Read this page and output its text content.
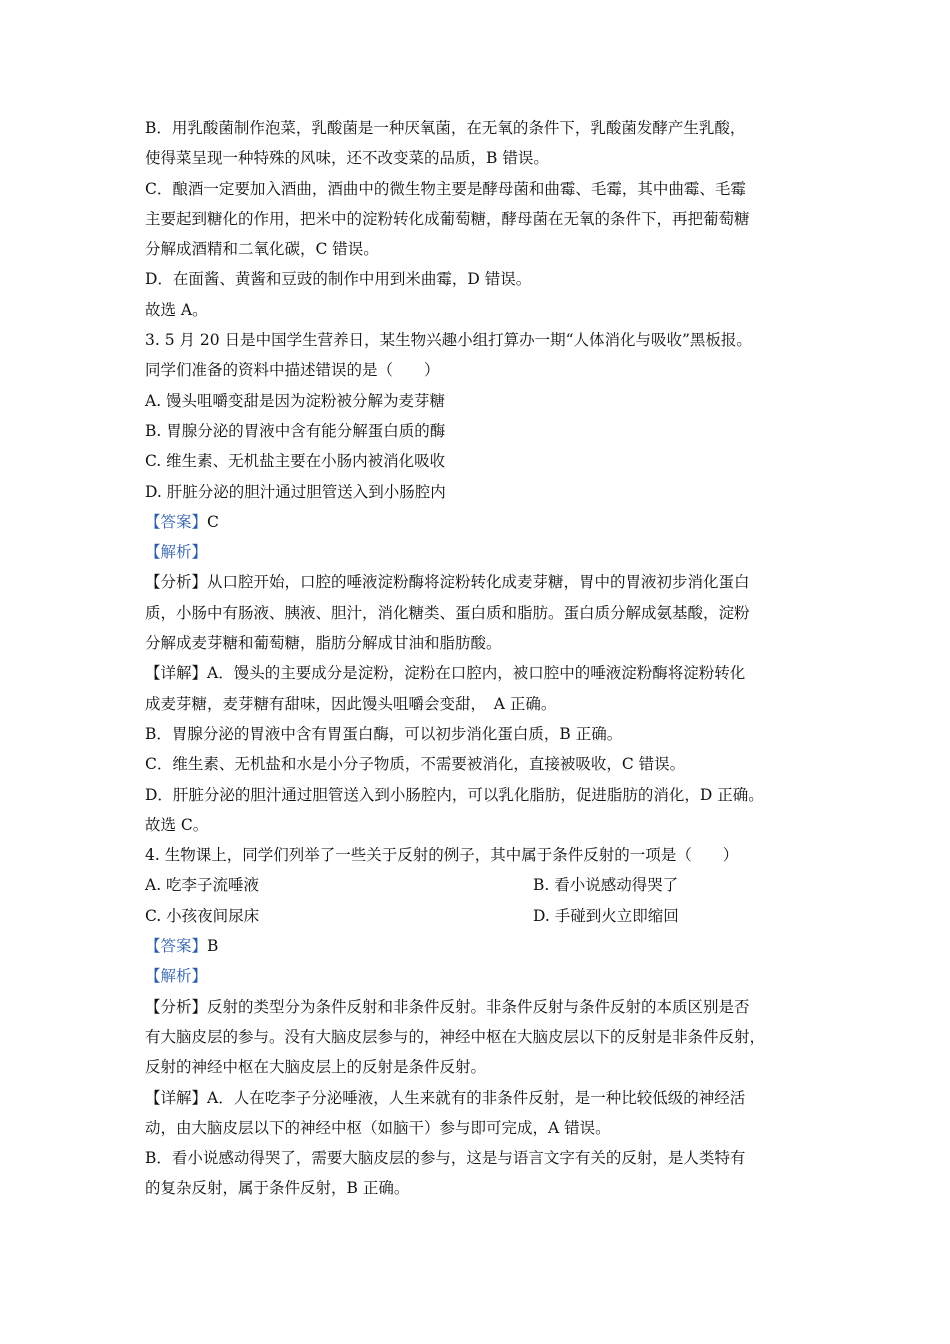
B．用乳酸菌制作泡菜，乳酸菌是一种厌氧菌，在无氧的条件下，乳酸菌发酵产生乳酸，
使得菜呈现一种特殊的风味，还不改变菜的品质，B 错误。
C．酿酒一定要加入酒曲，酒曲中的微生物主要是酵母菌和曲霉、毛霉，其中曲霉、毛霉
主要起到糖化的作用，把米中的淀粉转化成葡萄糖，酵母菌在无氧的条件下，再把葡萄糖
分解成酒精和二氧化碳，C 错误。
D．在面酱、黄酱和豆豉的制作中用到米曲霉，D 错误。
故选 A。
3. 5 月 20 日是中国学生营养日，某生物兴趣小组打算办一期“人体消化与吸收”黑板报。
同学们准备的资料中描述错误的是（　　）
A. 馒头咀嚼变甜是因为淀粉被分解为麦芽糖
B. 胃腺分泌的胃液中含有能分解蛋白质的酶
C. 维生素、无机盐主要在小肠内被消化吸收
D. 肝脏分泌的胆汁通过胆管送入到小肠腔内
【答案】C
【解析】
【分析】从口腔开始，口腔的唾液淀粉酶将淀粉转化成麦芽糖，胃中的胃液初步消化蛋白
质，小肠中有肠液、胰液、胆汁，消化糖类、蛋白质和脂肪。蛋白质分解成氨基酸，淀粉
分解成麦芽糖和葡萄糖，脂肪分解成甘油和脂肪酸。
【详解】A．馒头的主要成分是淀粉，淀粉在口腔内，被口腔中的唾液淀粉酶将淀粉转化
成麦芽糖，麦芽糖有甜味，因此馒头咀嚼会变甜，　A 正确。
B．胃腺分泌的胃液中含有胃蛋白酶，可以初步消化蛋白质，B 正确。
C．维生素、无机盐和水是小分子物质，不需要被消化，直接被吸收，C 错误。
D．肝脏分泌的胆汁通过胆管送入到小肠腔内，可以乳化脂肪，促进脂肪的消化，D 正确。
故选 C。
4. 生物课上，同学们列举了一些关于反射的例子，其中属于条件反射的一项是（　　）
A. 吃李子流唾液	B. 看小说感动得哭了
C. 小孩夜间尿床	D. 手碰到火立即缩回
【答案】B
【解析】
【分析】反射的类型分为条件反射和非条件反射。非条件反射与条件反射的本质区别是否
有大脑皮层的参与。没有大脑皮层参与的，神经中枢在大脑皮层以下的反射是非条件反射，
反射的神经中枢在大脑皮层上的反射是条件反射。
【详解】A．人在吃李子分泌唾液，人生来就有的非条件反射，是一种比较低级的神经活
动，由大脑皮层以下的神经中枢（如脑干）参与即可完成，A 错误。
B．看小说感动得哭了，需要大脑皮层的参与，这是与语言文字有关的反射，是人类特有
的复杂反射，属于条件反射，B 正确。
